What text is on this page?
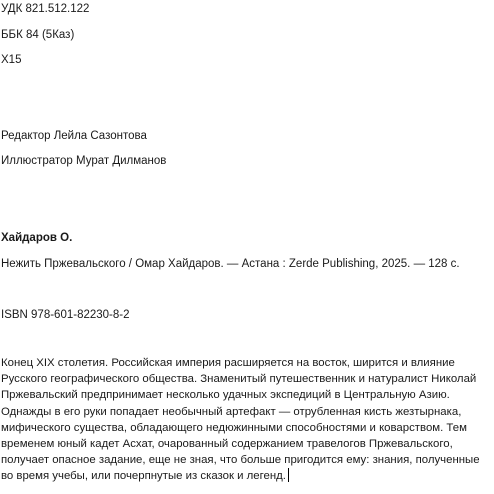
УДК 821.512.122

ББК 84 (5Каз)

Х15

Редактор Лейла Сазонтова

Иллюстратор Мурат Дилманов

Хайдаров О.

Нежить Пржевальского / Омар Хайдаров. — Астана : Zerde Publishing, 2025. — 128 с.

ISBN 978-601-82230-8-2

Конец XIX столетия. Российская империя расширяется на восток, ширится и влияние
Русского географического общества. Знаменитый путешественник и натуралист Николай
Пржевальский предпринимает несколько удачных экспедиций в Центральную Азию.
Однажды в его руки попадает необычный артефакт — отрубленная кисть жезтырнака,
мифического существа, обладающего недюжинными способностями и коварством. Тем
временем юный кадет Асхат, очарованный содержанием травелогов Пржевальского,
получает опасное задание, еще не зная, что больше пригодится ему: знания, полученные
во время учебы, или почерпнутые из сказок и легенд.
